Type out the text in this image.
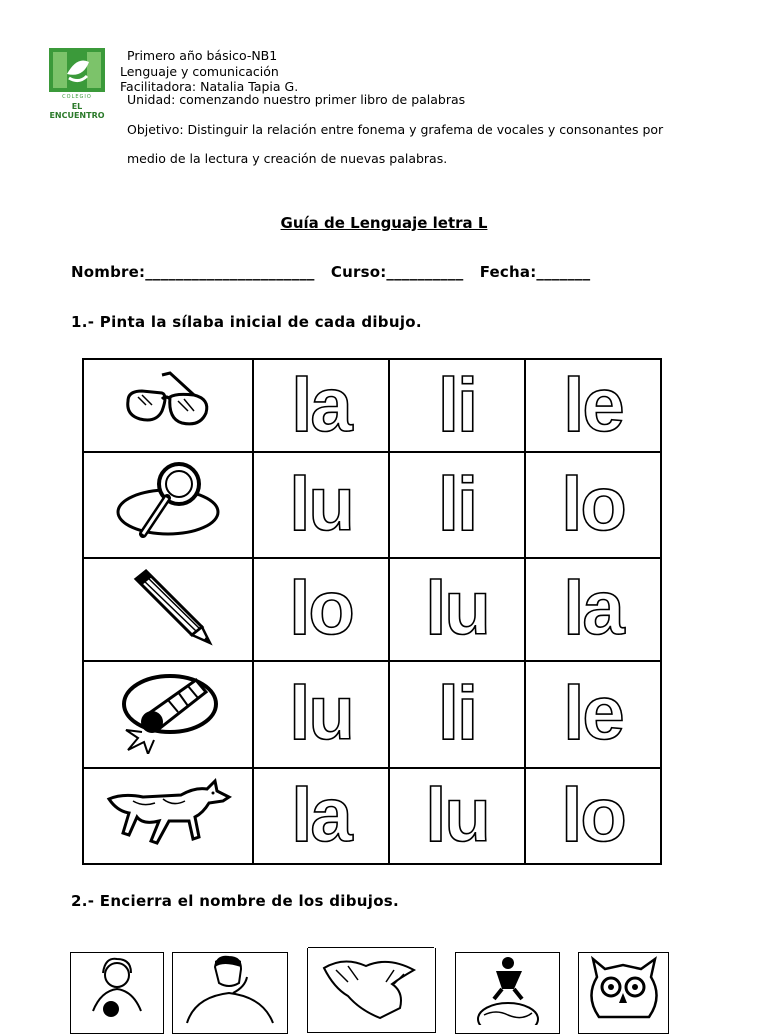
COLEGIO
EL ENCUENTRO
Primero año básico-NB1
Lenguaje y comunicación
Facilitadora: Natalia Tapia G.
Unidad: comenzando nuestro primer libro de palabras
Objetivo: Distinguir la relación entre fonema y grafema de vocales y consonantes por
medio de la lectura y creación de nuevas palabras.
Guía de Lenguaje letra L
Nombre:______________________ Curso:__________ Fecha:_______
1.- Pinta la sílaba inicial de cada dibujo.
	la	li	le
	lu	li	lo
	lo	lu	la
	lu	li	le
	la	lu	lo
2.- Encierra el nombre de los dibujos.
